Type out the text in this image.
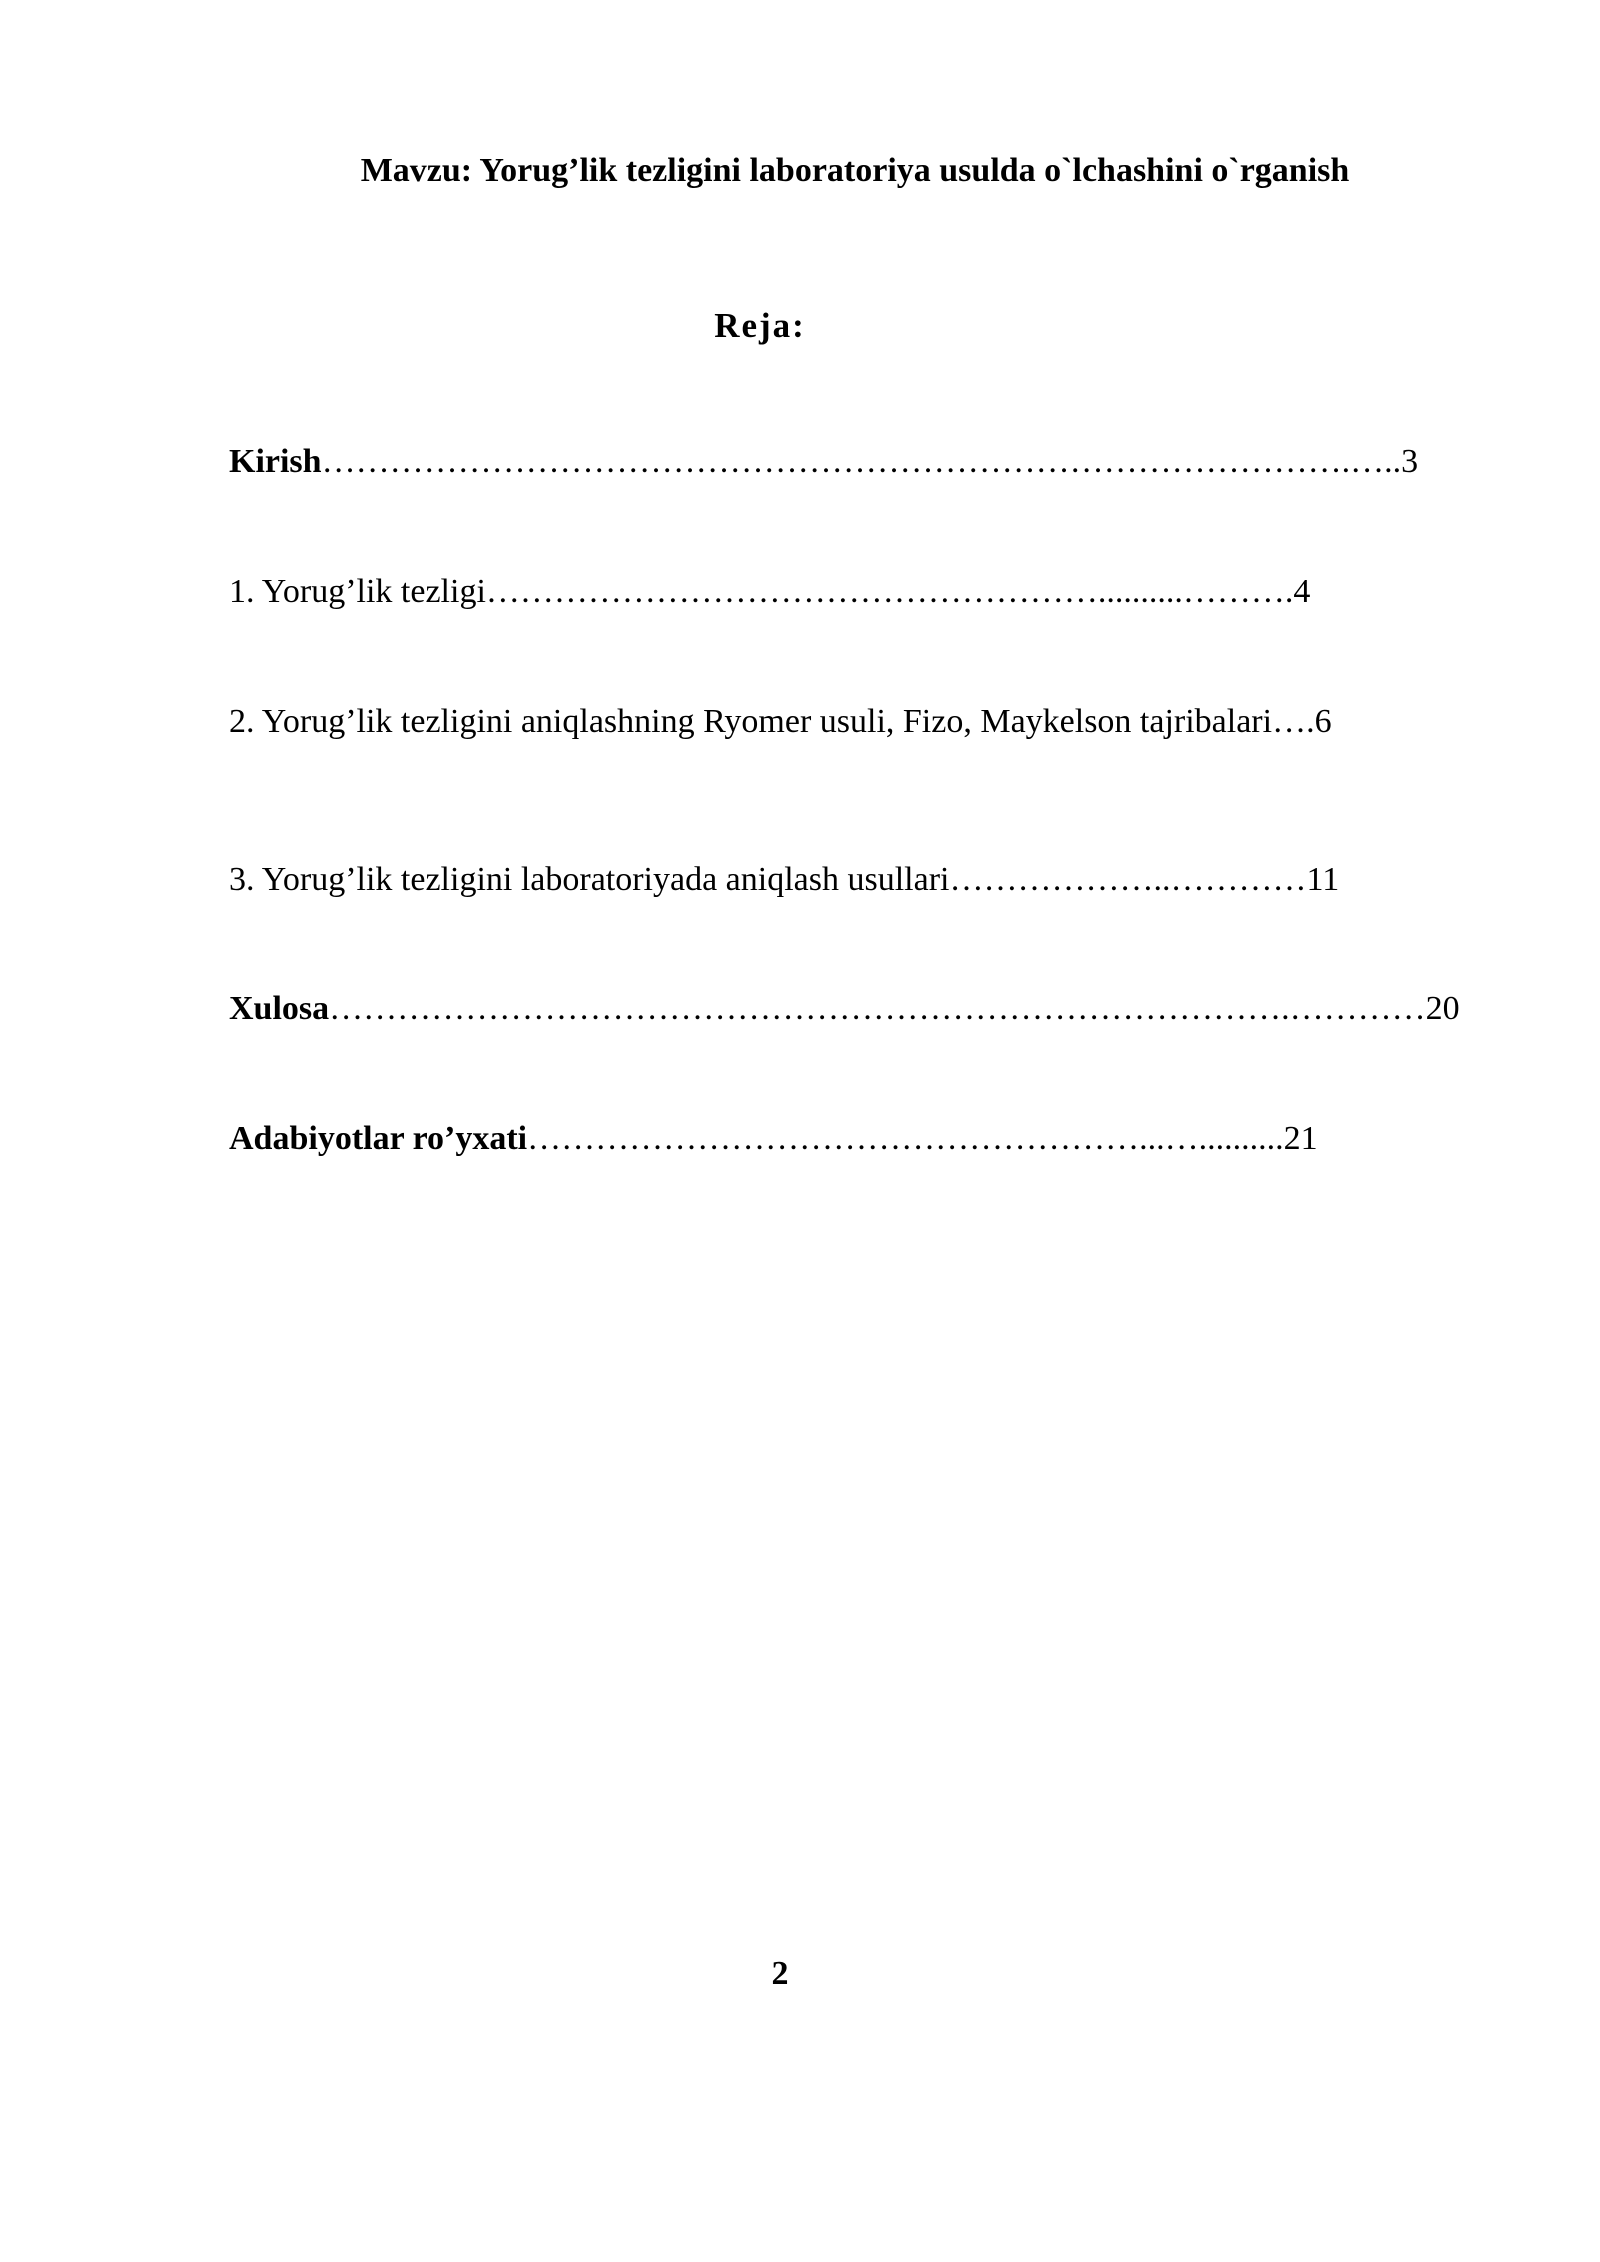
Mavzu: Yorug’lik tezligini laboratoriya usulda o`lchashini o`rganish
Reja:
Kirish……………………………………………………………………………….…..3
1. Yorug’lik tezligi………………………………………………..........……….4
2. Yorug’lik tezligini aniqlashning Ryomer usuli, Fizo, Maykelson tajribalari….6
3. Yorug’lik tezligini laboratoriyada aniqlash usullari………………..…………11
Xulosa………………………………………………………………………….…………20
Adabiyotlar ro’yxati………………………………………………...…..........21
2
